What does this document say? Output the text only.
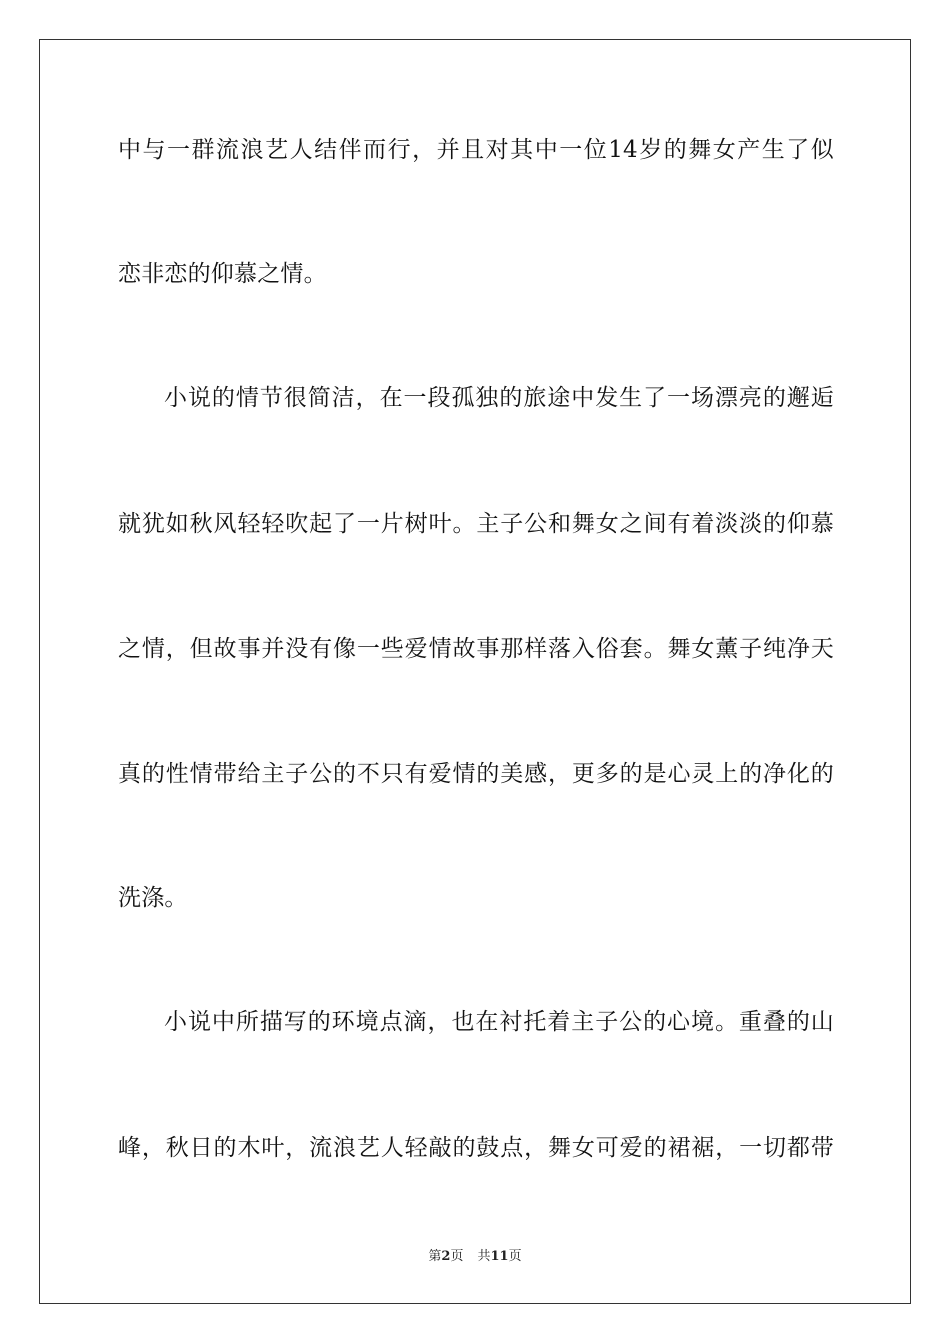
中与一群流浪艺人结伴而行，并且对其中一位14岁的舞女产生了似
恋非恋的仰慕之情。
小说的情节很简洁，在一段孤独的旅途中发生了一场漂亮的邂逅
就犹如秋风轻轻吹起了一片树叶。主子公和舞女之间有着淡淡的仰慕
之情，但故事并没有像一些爱情故事那样落入俗套。舞女薰子纯净天
真的性情带给主子公的不只有爱情的美感，更多的是心灵上的净化的
洗涤。
小说中所描写的环境点滴，也在衬托着主子公的心境。重叠的山
峰，秋日的木叶，流浪艺人轻敲的鼓点，舞女可爱的裙裾，一切都带
第2页 共11页
